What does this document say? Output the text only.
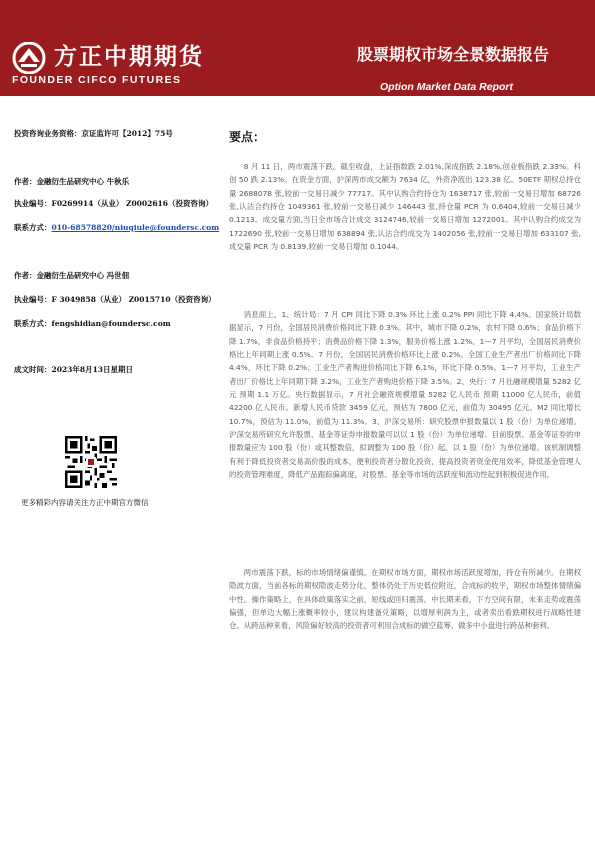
方正中期期货
FOUNDER CIFCO FUTURES
股票期权市场全景数据报告
Option Market Data Report
投资咨询业务资格：京证监许可【2012】75号
作者：金融衍生品研究中心 牛秋乐
执业编号：F0269914（从业） Z0002616（投资咨询）
联系方式：010-68578820/niuqiule@foundersc.com
作者：金融衍生品研究中心 冯世佃
执业编号：F 3049858（从业） Z0015710（投资咨询）
联系方式：fengshidian@foundersc.com
成文时间：2023年8月13日星期日
更多精彩内容请关注方正中期官方微信
要点：

8 月 11 日，两市震荡下跌。截至收盘，上证指数跌 2.01%,深成指跌 2.18%,创业板指跌 2.33%。科创 50 跌 2.13%。在资金方面，沪深两市成交额为 7634 亿，外资净流出 123.38 亿。50ETF 期权总持仓量 2688078 张,较前一交易日减少 77717。其中认购合约持仓为 1638717 张,较前一交易日增加 68726 张,认沽合约持仓 1049361 张,较前一交易日减少 146443 张,持仓量 PCR 为 0.6404,较前一交易日减少 0.1213。成交量方面,当日全市场合计成交 3124746,较前一交易日增加 1272001。其中认购合约成交为 1722690 张,较前一交易日增加 638894 张,认沽合约成交为 1402056 张,较前一交易日增加 633107 张,成交量 PCR 为 0.8139,较前一交易日增加 0.1044。

消息面上，1、统计局：7 月 CPI 同比下降 0.3% 环比上涨 0.2% PPI 同比下降 4.4%。国家统计局数据显示，7 月份，全国居民消费价格同比下降 0.3%。其中，城市下降 0.2%，农村下降 0.6%；食品价格下降 1.7%，非食品价格持平；消费品价格下降 1.3%，服务价格上涨 1.2%。1—7 月平均，全国居民消费价格比上年同期上涨 0.5%。7 月份，全国居民消费价格环比上涨 0.2%。全国工业生产者出厂价格同比下降 4.4%，环比下降 0.2%；工业生产者购进价格同比下降 6.1%，环比下降 0.5%。1—7 月平均，工业生产者出厂价格比上年同期下降 3.2%，工业生产者购进价格下降 3.5%。2、央行：7 月社融规模增量 5282 亿元 预期 1.1 万亿。央行数据显示，7 月社会融资规模增量 5282 亿人民币 预期 11000 亿人民币，前值 42200 亿人民币。新增人民币贷款 3459 亿元，预估为 7800 亿元，前值为 30495 亿元。M2 同比增长 10.7%，预估为 11.0%，前值为 11.3%。3、沪深交易所：研究股票申报数量以 1 股（份）为单位递增。沪深交易所研究允许股票、基金等证券申报数量可以以 1 股（份）为单位递增。目前股票、基金等证券的申报数量应为 100 股（份）或其整数倍，拟调整为 100 股（份）起、以 1 股（份）为单位递增。该机制调整有利于降低投资者交易高价股的成本，便利投资者分散化投资，提高投资者资金使用效率，降低基金管理人的投资管理难度，降低产品跟踪偏离度，对股票、基金等市场的活跃度和流动性起到积极促进作用。

两市震荡下跌，标的市场情绪偏谨慎。在期权市场方面，期权市场活跃度增加，持仓有所减少。在期权隐波方面，当前各标的期权隐波走势分化，整体仍处于历史低位附近，合成标的收平，期权市场整体情绪偏中性。操作策略上，在具体政策落实之前，短线或回归震荡。中长期来看，下方空间有限，未来走势或震荡偏强，但单边大幅上涨概率较小，建议构建备兑策略，以增厚利润为主，或者卖出看跌期权进行战略性建仓。从跨品种来看，风险偏好较高的投资者可利用合成标的做空蓝筹、做多中小盘进行跨品种套利。
